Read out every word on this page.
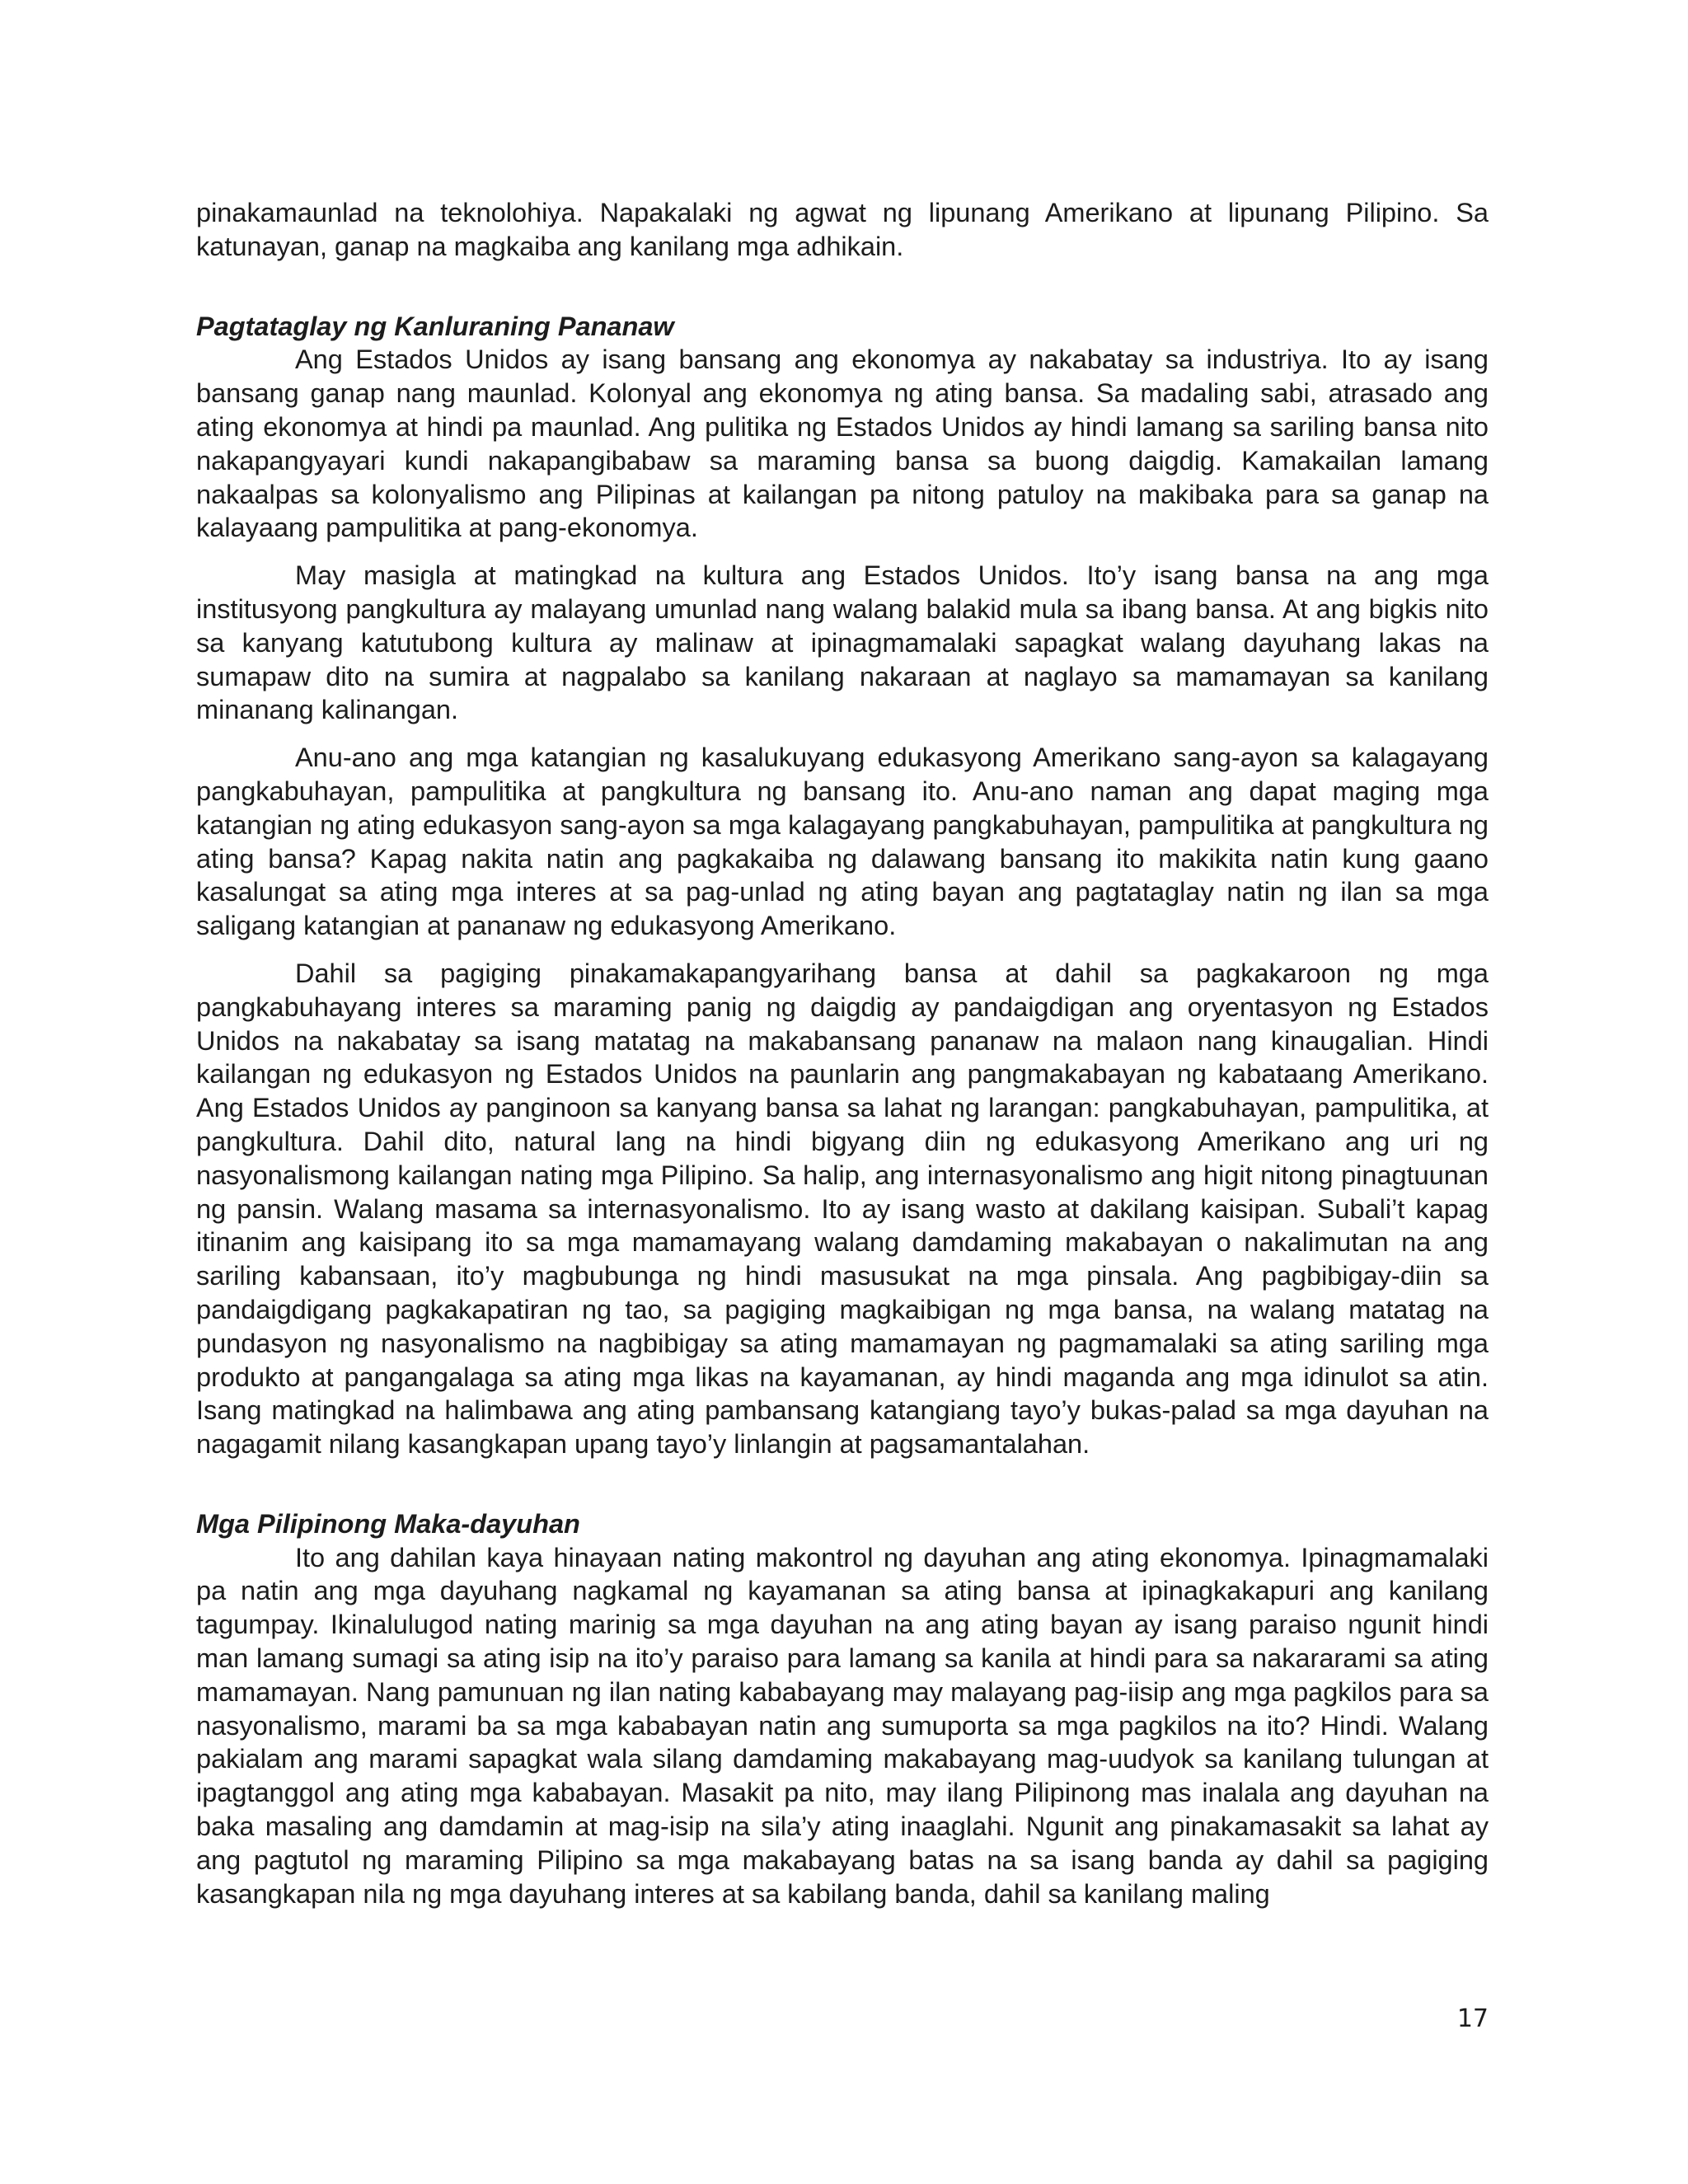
pinakamaunlad na teknolohiya. Napakalaki ng agwat ng lipunang Amerikano at lipunang Pilipino. Sa katunayan, ganap na magkaiba ang kanilang mga adhikain.

Pagtataglay ng Kanluraning Pananaw

Ang Estados Unidos ay isang bansang ang ekonomya ay nakabatay sa industriya. Ito ay isang bansang ganap nang maunlad. Kolonyal ang ekonomya ng ating bansa. Sa madaling sabi, atrasado ang ating ekonomya at hindi pa maunlad. Ang pulitika ng Estados Unidos ay hindi lamang sa sariling bansa nito nakapangyayari kundi nakapangibabaw sa maraming bansa sa buong daigdig. Kamakailan lamang nakaalpas sa kolonyalismo ang Pilipinas at kailangan pa nitong patuloy na makibaka para sa ganap na kalayaang pampulitika at pang-ekonomya.

May masigla at matingkad na kultura ang Estados Unidos. Ito’y isang bansa na ang mga institusyong pangkultura ay malayang umunlad nang walang balakid mula sa ibang bansa. At ang bigkis nito sa kanyang katutubong kultura ay malinaw at ipinagmamalaki sapagkat walang dayuhang lakas na sumapaw dito na sumira at nagpalabo sa kanilang nakaraan at naglayo sa mamamayan sa kanilang minanang kalinangan.

Anu-ano ang mga katangian ng kasalukuyang edukasyong Amerikano sang-ayon sa kalagayang pangkabuhayan, pampulitika at pangkultura ng bansang ito. Anu-ano naman ang dapat maging mga katangian ng ating edukasyon sang-ayon sa mga kalagayang pangkabuhayan, pampulitika at pangkultura ng ating bansa? Kapag nakita natin ang pagkakaiba ng dalawang bansang ito makikita natin kung gaano kasalungat sa ating mga interes at sa pag-unlad ng ating bayan ang pagtataglay natin ng ilan sa mga saligang katangian at pananaw ng edukasyong Amerikano.

Dahil sa pagiging pinakamakapangyarihang bansa at dahil sa pagkakaroon ng mga pangkabuhayang interes sa maraming panig ng daigdig ay pandaigdigan ang oryentasyon ng Estados Unidos na nakabatay sa isang matatag na makabansang pananaw na malaon nang kinaugalian. Hindi kailangan ng edukasyon ng Estados Unidos na paunlarin ang pangmakabayan ng kabataang Amerikano. Ang Estados Unidos ay panginoon sa kanyang bansa sa lahat ng larangan: pangkabuhayan, pampulitika, at pangkultura. Dahil dito, natural lang na hindi bigyang diin ng edukasyong Amerikano ang uri ng nasyonalismong kailangan nating mga Pilipino. Sa halip, ang internasyonalismo ang higit nitong pinagtuunan ng pansin. Walang masama sa internasyonalismo. Ito ay isang wasto at dakilang kaisipan. Subali’t kapag itinanim ang kaisipang ito sa mga mamamayang walang damdaming makabayan o nakalimutan na ang sariling kabansaan, ito’y magbubunga ng hindi masusukat na mga pinsala. Ang pagbibigay-diin sa pandaigdigang pagkakapatiran ng tao, sa pagiging magkaibigan ng mga bansa, na walang matatag na pundasyon ng nasyonalismo na nagbibigay sa ating mamamayan ng pagmamalaki sa ating sariling mga produkto at pangangalaga sa ating mga likas na kayamanan, ay hindi maganda ang mga idinulot sa atin. Isang matingkad na halimbawa ang ating pambansang katangiang tayo’y bukas-palad sa mga dayuhan na nagagamit nilang kasangkapan upang tayo’y linlangin at pagsamantalahan.

Mga Pilipinong Maka-dayuhan

Ito ang dahilan kaya hinayaan nating makontrol ng dayuhan ang ating ekonomya. Ipinagmamalaki pa natin ang mga dayuhang nagkamal ng kayamanan sa ating bansa at ipinagkakapuri ang kanilang tagumpay. Ikinalulugod nating marinig sa mga dayuhan na ang ating bayan ay isang paraiso ngunit hindi man lamang sumagi sa ating isip na ito’y paraiso para lamang sa kanila at hindi para sa nakararami sa ating mamamayan. Nang pamunuan ng ilan nating kababayang may malayang pag-iisip ang mga pagkilos para sa nasyonalismo, marami ba sa mga kababayan natin ang sumuporta sa mga pagkilos na ito? Hindi. Walang pakialam ang marami sapagkat wala silang damdaming makabayang mag-uudyok sa kanilang tulungan at ipagtanggol ang ating mga kababayan. Masakit pa nito, may ilang Pilipinong mas inalala ang dayuhan na baka masaling ang damdamin at mag-isip na sila’y ating inaaglahi. Ngunit ang pinakamasakit sa lahat ay ang pagtutol ng maraming Pilipino sa mga makabayang batas na sa isang banda ay dahil sa pagiging kasangkapan nila ng mga dayuhang interes at sa kabilang banda, dahil sa kanilang maling

17
